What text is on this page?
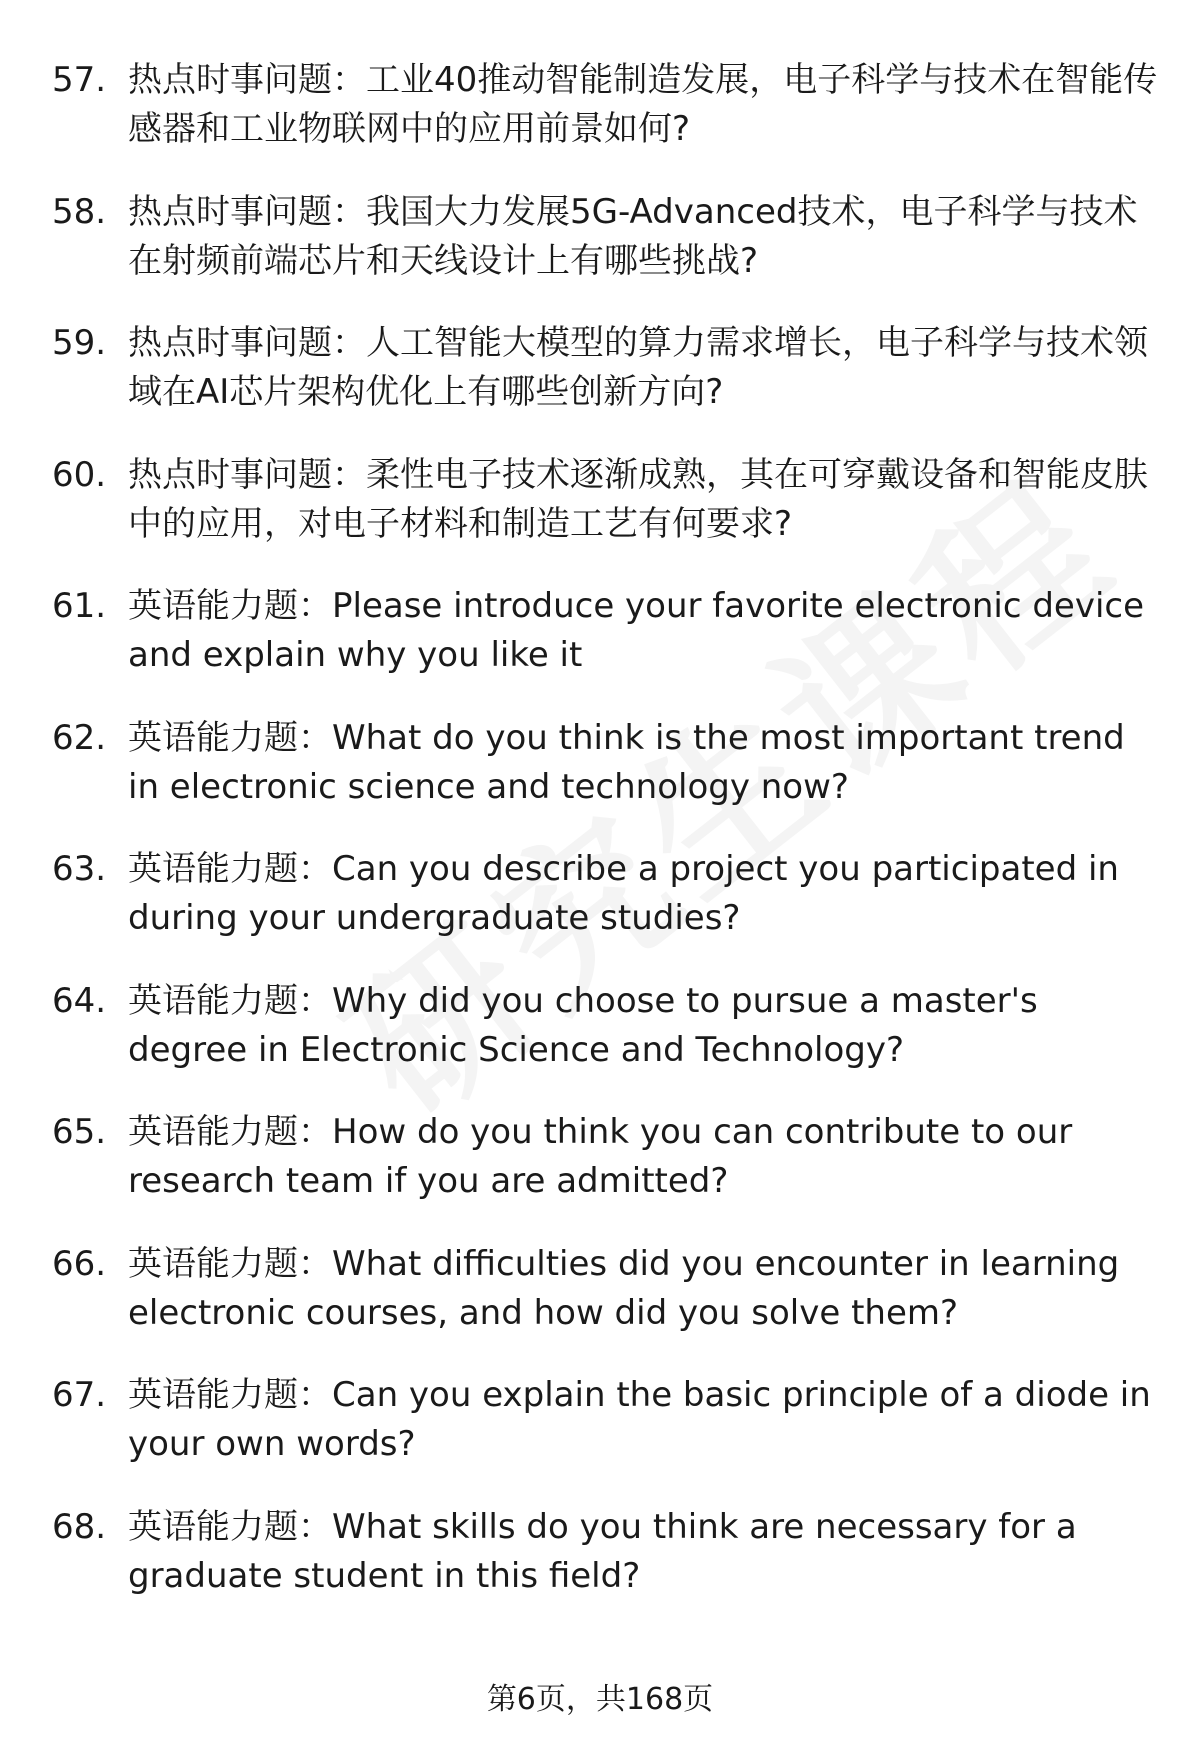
57. 热点时事问题：工业40推动智能制造发展，电子科学与技术在智能传感器和工业物联网中的应用前景如何?
58. 热点时事问题：我国大力发展5G-Advanced技术，电子科学与技术在射频前端芯片和天线设计上有哪些挑战?
59. 热点时事问题：人工智能大模型的算力需求增长，电子科学与技术领域在AI芯片架构优化上有哪些创新方向?
60. 热点时事问题：柔性电子技术逐渐成熟，其在可穿戴设备和智能皮肤中的应用，对电子材料和制造工艺有何要求?
61. 英语能力题：Please introduce your favorite electronic device and explain why you like it
62. 英语能力题：What do you think is the most important trend in electronic science and technology now?
63. 英语能力题：Can you describe a project you participated in during your undergraduate studies?
64. 英语能力题：Why did you choose to pursue a master's degree in Electronic Science and Technology?
65. 英语能力题：How do you think you can contribute to our research team if you are admitted?
66. 英语能力题：What difficulties did you encounter in learning electronic courses, and how did you solve them?
67. 英语能力题：Can you explain the basic principle of a diode in your own words?
68. 英语能力题：What skills do you think are necessary for a graduate student in this field?
第6页，共168页
